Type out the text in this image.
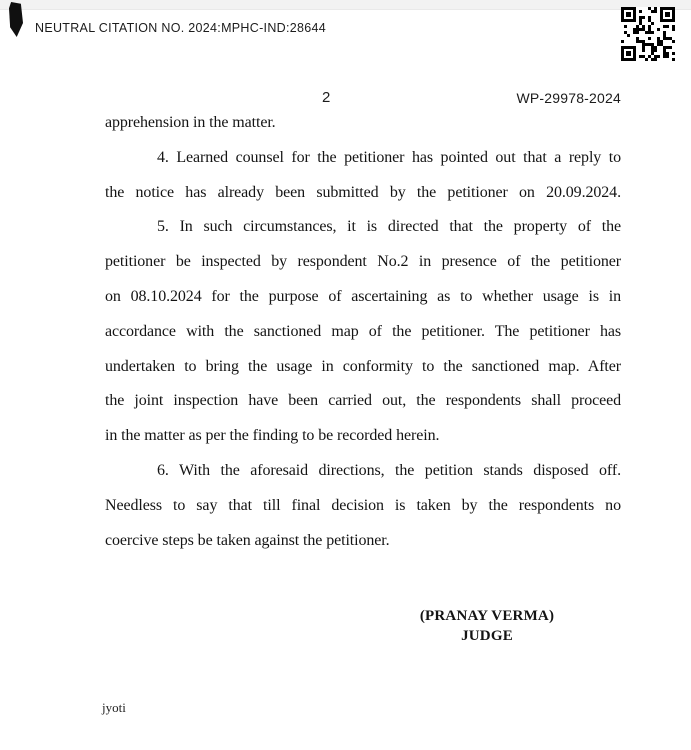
NEUTRAL CITATION NO. 2024:MPHC-IND:28644
2	WP-29978-2024

apprehension in the matter.

4. Learned counsel for the petitioner has pointed out that a reply to
the notice has already been submitted by the petitioner on 20.09.2024.

5. In such circumstances, it is directed that the property of the
petitioner be inspected by respondent No.2 in presence of the petitioner
on 08.10.2024 for the purpose of ascertaining as to whether usage is in
accordance with the sanctioned map of the petitioner. The petitioner has
undertaken to bring the usage in conformity to the sanctioned map. After
the joint inspection have been carried out, the respondents shall proceed
in the matter as per the finding to be recorded herein.

6. With the aforesaid directions, the petition stands disposed off.
Needless to say that till final decision is taken by the respondents no
coercive steps be taken against the petitioner.

(PRANAY VERMA)
JUDGE
jyoti
